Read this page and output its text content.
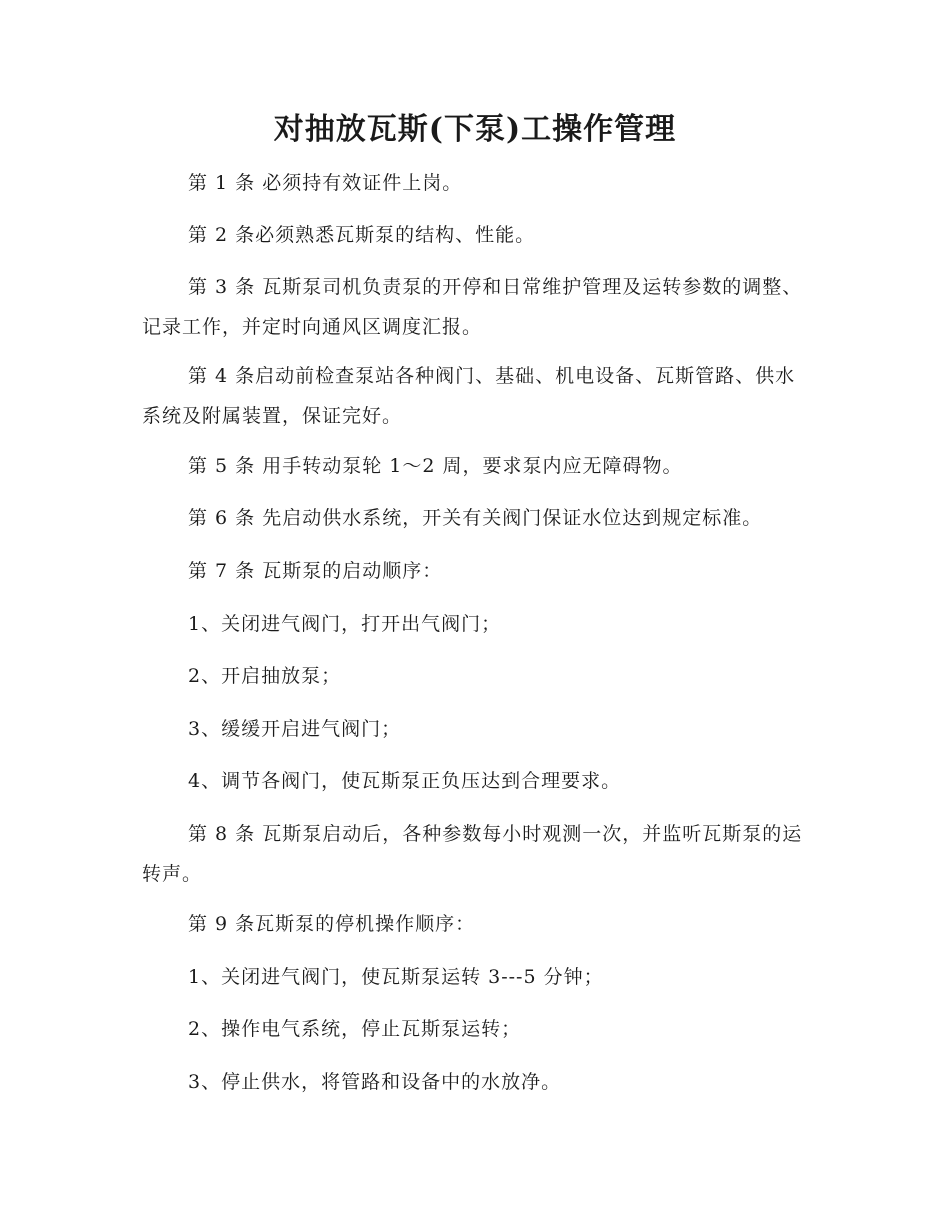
对抽放瓦斯(下泵)工操作管理
第 1 条 必须持有效证件上岗。
第 2 条必须熟悉瓦斯泵的结构、性能。
第 3 条 瓦斯泵司机负责泵的开停和日常维护管理及运转参数的调整、记录工作，并定时向通风区调度汇报。
第 4 条启动前检查泵站各种阀门、基础、机电设备、瓦斯管路、供水系统及附属装置，保证完好。
第 5 条 用手转动泵轮 1～2 周，要求泵内应无障碍物。
第 6 条 先启动供水系统，开关有关阀门保证水位达到规定标准。
第 7 条 瓦斯泵的启动顺序：
1、关闭进气阀门，打开出气阀门；
2、开启抽放泵；
3、缓缓开启进气阀门；
4、调节各阀门，使瓦斯泵正负压达到合理要求。
第 8 条 瓦斯泵启动后，各种参数每小时观测一次，并监听瓦斯泵的运转声。
第 9 条瓦斯泵的停机操作顺序：
1、关闭进气阀门，使瓦斯泵运转 3---5 分钟；
2、操作电气系统，停止瓦斯泵运转；
3、停止供水，将管路和设备中的水放净。
